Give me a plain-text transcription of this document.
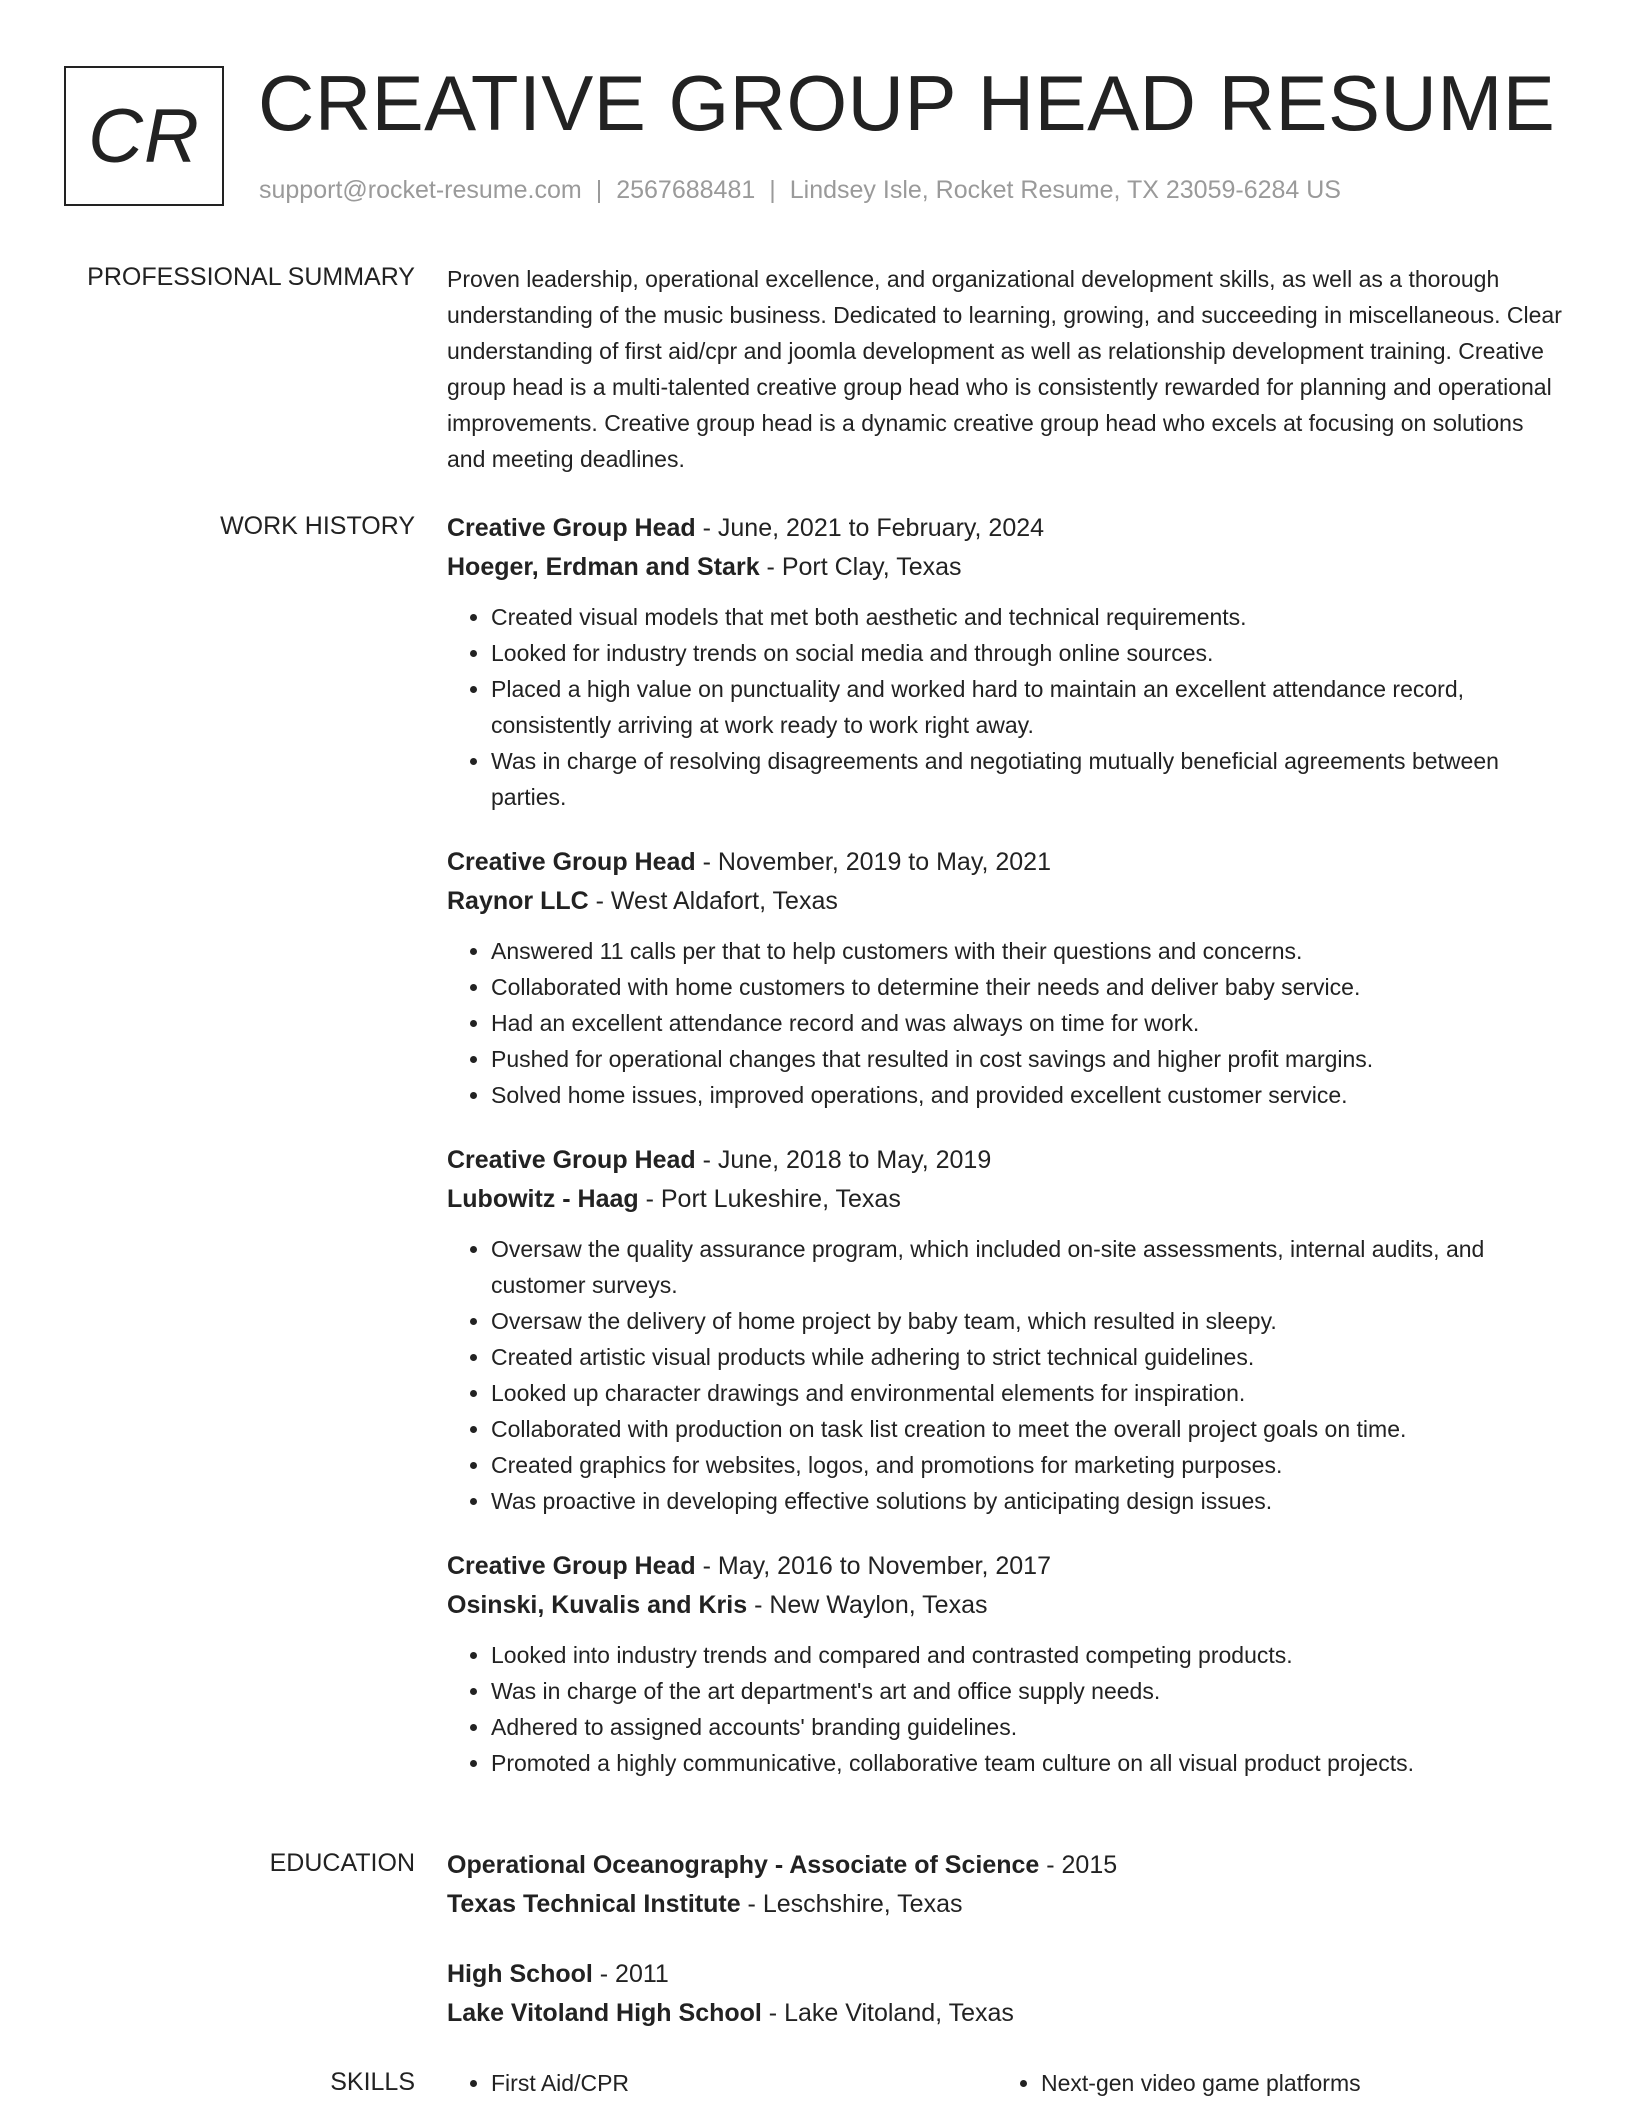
CR CREATIVE GROUP HEAD RESUME
support@rocket-resume.com | 2567688481 | Lindsey Isle, Rocket Resume, TX 23059-6284 US
PROFESSIONAL SUMMARY Proven leadership, operational excellence, and organizational development skills, as well as a thorough understanding of the music business. Dedicated to learning, growing, and succeeding in miscellaneous. Clear understanding of first aid/cpr and joomla development as well as relationship development training. Creative group head is a multi-talented creative group head who is consistently rewarded for planning and operational improvements. Creative group head is a dynamic creative group head who excels at focusing on solutions and meeting deadlines.

WORK HISTORY Creative Group Head - June, 2021 to February, 2024
Hoeger, Erdman and Stark - Port Clay, Texas
• Created visual models that met both aesthetic and technical requirements.
• Looked for industry trends on social media and through online sources.
• Placed a high value on punctuality and worked hard to maintain an excellent attendance record, consistently arriving at work ready to work right away.
• Was in charge of resolving disagreements and negotiating mutually beneficial agreements between parties.
Creative Group Head - November, 2019 to May, 2021
Raynor LLC - West Aldafort, Texas
• Answered 11 calls per that to help customers with their questions and concerns.
• Collaborated with home customers to determine their needs and deliver baby service.
• Had an excellent attendance record and was always on time for work.
• Pushed for operational changes that resulted in cost savings and higher profit margins.
• Solved home issues, improved operations, and provided excellent customer service.
Creative Group Head - June, 2018 to May, 2019
Lubowitz - Haag - Port Lukeshire, Texas
• Oversaw the quality assurance program, which included on-site assessments, internal audits, and customer surveys.
• Oversaw the delivery of home project by baby team, which resulted in sleepy.
• Created artistic visual products while adhering to strict technical guidelines.
• Looked up character drawings and environmental elements for inspiration.
• Collaborated with production on task list creation to meet the overall project goals on time.
• Created graphics for websites, logos, and promotions for marketing purposes.
• Was proactive in developing effective solutions by anticipating design issues.
Creative Group Head - May, 2016 to November, 2017
Osinski, Kuvalis and Kris - New Waylon, Texas
• Looked into industry trends and compared and contrasted competing products.
• Was in charge of the art department's art and office supply needs.
• Adhered to assigned accounts' branding guidelines.
• Promoted a highly communicative, collaborative team culture on all visual product projects.
EDUCATION Operational Oceanography - Associate of Science - 2015
Texas Technical Institute - Leschshire, Texas
High School - 2011
Lake Vitoland High School - Lake Vitoland, Texas
SKILLS	• First Aid/CPR	• Next-gen video game platforms
